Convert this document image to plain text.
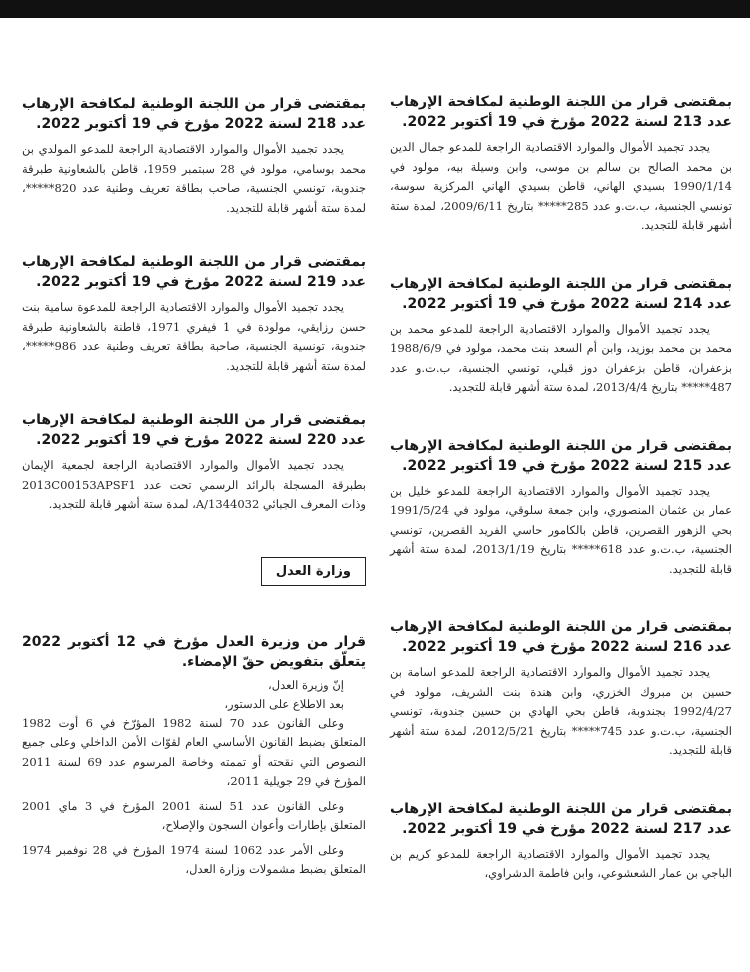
بمقتضى قرار من اللجنة الوطنية لمكافحة الإرهاب عدد 213 لسنة 2022 مؤرخ في 19 أكتوبر 2022.

يجدد تجميد الأموال والموارد الاقتصادية الراجعة للمدعو جمال الدين بن محمد الصالح بن سالم بن موسى، وابن وسيلة بيه، مولود في 1990/1/14 بسيدي الهاني، قاطن بسيدي الهاني المركزية سوسة، تونسي الجنسية، ب.ت.و عدد 285***** بتاريخ 2009/6/11، لمدة ستة أشهر قابلة للتجديد.

بمقتضى قرار من اللجنة الوطنية لمكافحة الإرهاب عدد 214 لسنة 2022 مؤرخ في 19 أكتوبر 2022.

يجدد تجميد الأموال والموارد الاقتصادية الراجعة للمدعو محمد بن محمد بن محمد بوزيد، وابن أم السعد بنت محمد، مولود في 1988/6/9 بزعفران، قاطن بزعفران دوز قبلي، تونسي الجنسية، ب.ت.و عدد 487***** بتاريخ 2013/4/4، لمدة ستة أشهر قابلة للتجديد.

بمقتضى قرار من اللجنة الوطنية لمكافحة الإرهاب عدد 215 لسنة 2022 مؤرخ في 19 أكتوبر 2022.

يجدد تجميد الأموال والموارد الاقتصادية الراجعة للمدعو خليل بن عمار بن عثمان المنصوري، وابن جمعة سلوقي، مولود في 1991/5/24 بحي الزهور القصرين، قاطن بالكامور حاسي الفريد القصرين، تونسي الجنسية، ب.ت.و عدد 618***** بتاريخ 2013/1/19، لمدة ستة أشهر قابلة للتجديد.

بمقتضى قرار من اللجنة الوطنية لمكافحة الإرهاب عدد 216 لسنة 2022 مؤرخ في 19 أكتوبر 2022.

يجدد تجميد الأموال والموارد الاقتصادية الراجعة للمدعو اسامة بن حسين بن مبروك الخزري، وابن هندة بنت الشريف، مولود في 1992/4/27 بجندوبة، قاطن بحي الهادي بن حسين جندوبة، تونسي الجنسية، ب.ت.و عدد 745***** بتاريخ 2012/5/21، لمدة ستة أشهر قابلة للتجديد.

بمقتضى قرار من اللجنة الوطنية لمكافحة الإرهاب عدد 217 لسنة 2022 مؤرخ في 19 أكتوبر 2022.

يجدد تجميد الأموال والموارد الاقتصادية الراجعة للمدعو كريم بن الباجي بن عمار الشعشوعي، وابن فاطمة الدشراوي،

بمقتضى قرار من اللجنة الوطنية لمكافحة الإرهاب عدد 218 لسنة 2022 مؤرخ في 19 أكتوبر 2022.

يجدد تجميد الأموال والموارد الاقتصادية الراجعة للمدعو المولدي بن محمد بوسامي، مولود في 28 سبتمبر 1959، قاطن بالشعاونية طبرقة جندوبة، تونسي الجنسية، صاحب بطاقة تعريف وطنية عدد 820*****، لمدة ستة أشهر قابلة للتجديد.

بمقتضى قرار من اللجنة الوطنية لمكافحة الإرهاب عدد 219 لسنة 2022 مؤرخ في 19 أكتوبر 2022.

يجدد تجميد الأموال والموارد الاقتصادية الراجعة للمدعوة سامية بنت حسن رزايقي، مولودة في 1 فيفري 1971، قاطنة بالشعاونية طبرقة جندوبة، تونسية الجنسية، صاحبة بطاقة تعريف وطنية عدد 986*****، لمدة ستة أشهر قابلة للتجديد.

بمقتضى قرار من اللجنة الوطنية لمكافحة الإرهاب عدد 220 لسنة 2022 مؤرخ في 19 أكتوبر 2022.

يجدد تجميد الأموال والموارد الاقتصادية الراجعة لجمعية الإيمان بطبرقة المسجلة بالرائد الرسمي تحت عدد 2013C00153APSF1 وذات المعرف الجبائي A/1344032، لمدة ستة أشهر قابلة للتجديد.

وزارة العدل

قرار من وزيرة العدل مؤرخ في 12 أكتوبر 2022 يتعلّق بتفويض حقّ الإمضاء.

إنّ وزيرة العدل،

بعد الاطلاع على الدستور،

وعلى القانون عدد 70 لسنة 1982 المؤرّخ في 6 أوت 1982 المتعلق بضبط القانون الأساسي العام لقوّات الأمن الداخلي وعلى جميع النصوص التي نقحته أو تممته وخاصة المرسوم عدد 69 لسنة 2011 المؤرخ في 29 جويلية 2011،

وعلى القانون عدد 51 لسنة 2001 المؤرخ في 3 ماي 2001 المتعلق بإطارات وأعوان السجون والإصلاح،

وعلى الأمر عدد 1062 لسنة 1974 المؤرخ في 28 نوفمبر 1974 المتعلق بضبط مشمولات وزارة العدل،
